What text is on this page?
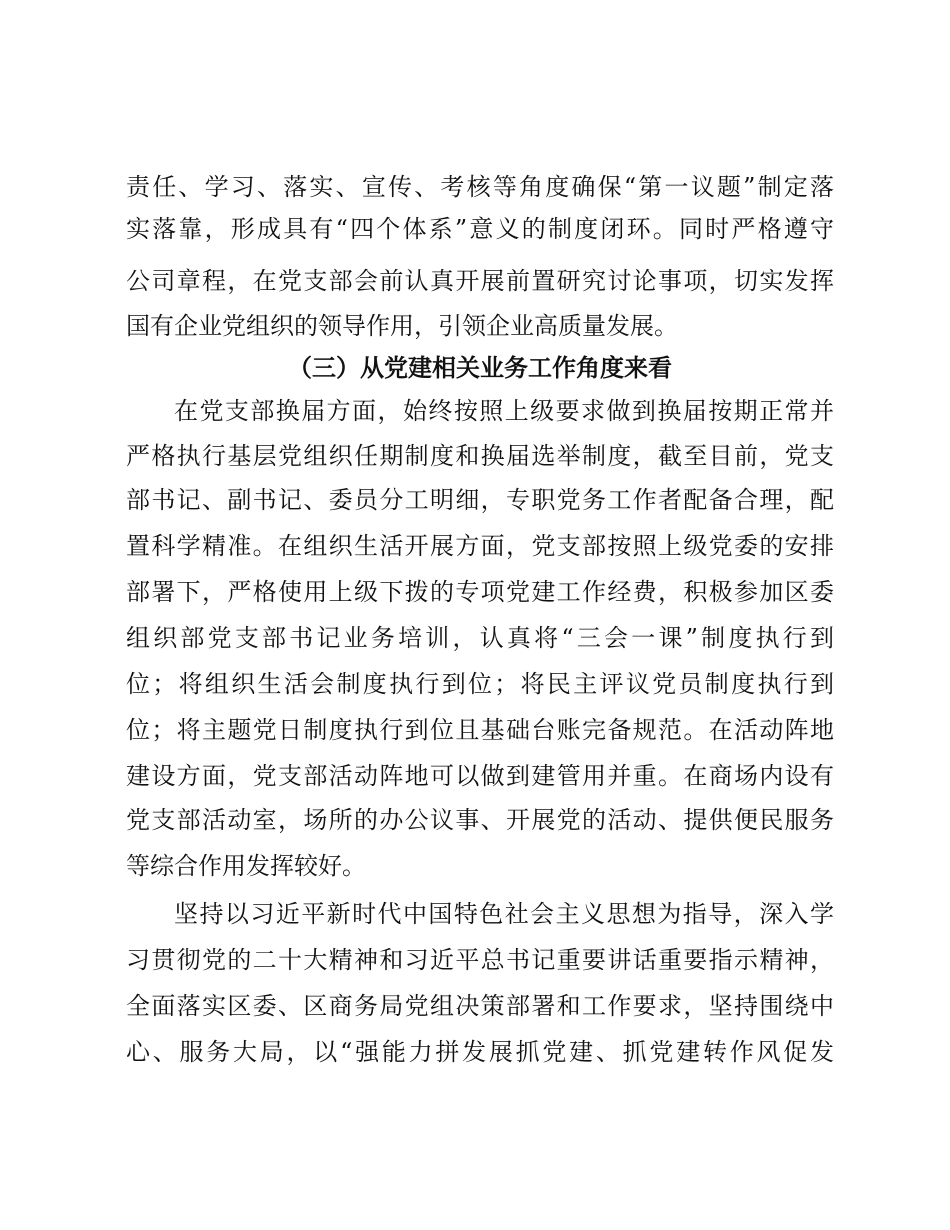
责任、学习、落实、宣传、考核等角度确保“第一议题”制定落
实落靠，形成具有“四个体系”意义的制度闭环。同时严格遵守
公司章程，在党支部会前认真开展前置研究讨论事项，切实发挥
国有企业党组织的领导作用，引领企业高质量发展。
（三）从党建相关业务工作角度来看
在党支部换届方面，始终按照上级要求做到换届按期正常并
严格执行基层党组织任期制度和换届选举制度，截至目前，党支
部书记、副书记、委员分工明细，专职党务工作者配备合理，配
置科学精准。在组织生活开展方面，党支部按照上级党委的安排
部署下，严格使用上级下拨的专项党建工作经费，积极参加区委
组织部党支部书记业务培训，认真将“三会一课”制度执行到
位；将组织生活会制度执行到位；将民主评议党员制度执行到
位；将主题党日制度执行到位且基础台账完备规范。在活动阵地
建设方面，党支部活动阵地可以做到建管用并重。在商场内设有
党支部活动室，场所的办公议事、开展党的活动、提供便民服务
等综合作用发挥较好。
坚持以习近平新时代中国特色社会主义思想为指导，深入学
习贯彻党的二十大精神和习近平总书记重要讲话重要指示精神，
全面落实区委、区商务局党组决策部署和工作要求，坚持围绕中
心、服务大局，以“强能力拼发展抓党建、抓党建转作风促发
